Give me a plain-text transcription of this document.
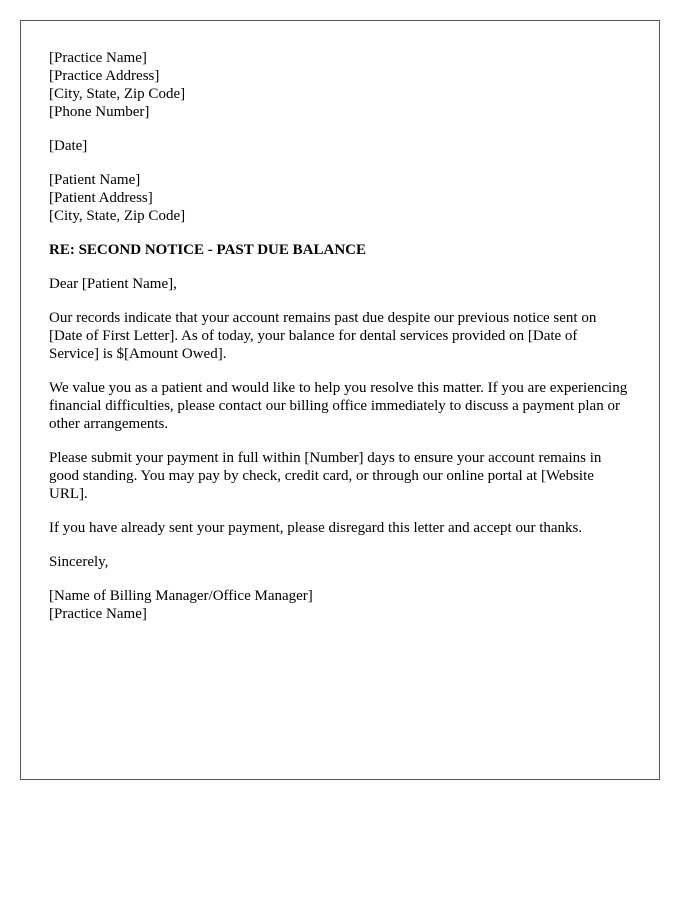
[Practice Name]
[Practice Address]
[City, State, Zip Code]
[Phone Number]
[Date]
[Patient Name]
[Patient Address]
[City, State, Zip Code]
RE: SECOND NOTICE - PAST DUE BALANCE

Dear [Patient Name],

Our records indicate that your account remains past due despite our previous notice sent on [Date of First Letter]. As of today, your balance for dental services provided on [Date of Service] is $[Amount Owed].

We value you as a patient and would like to help you resolve this matter. If you are experiencing financial difficulties, please contact our billing office immediately to discuss a payment plan or other arrangements.

Please submit your payment in full within [Number] days to ensure your account remains in good standing. You may pay by check, credit card, or through our online portal at [Website URL].

If you have already sent your payment, please disregard this letter and accept our thanks.

Sincerely,

[Name of Billing Manager/Office Manager]
[Practice Name]
